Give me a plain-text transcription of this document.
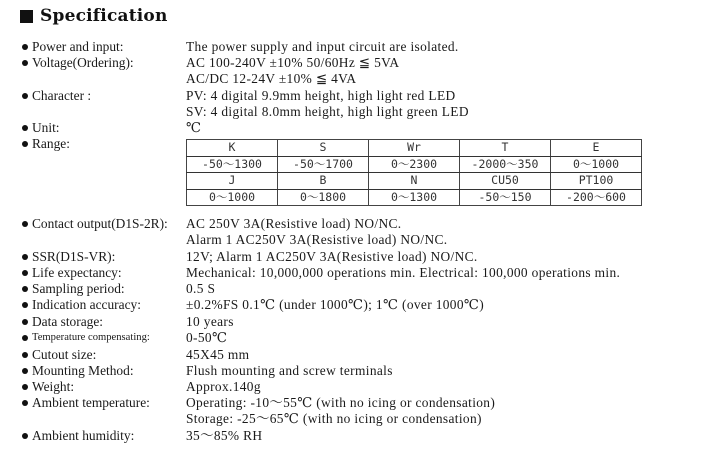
Specification
Power and input:	The power supply and input circuit are isolated.
Voltage(Ordering):	AC 100-240V ±10% 50/60Hz ≦ 5VA
AC/DC 12-24V ±10% ≦ 4VA
Character :	PV: 4 digital 9.9mm height, high light red LED
SV: 4 digital 8.0mm height, high light green LED
Unit:	℃
Range:	K	S	Wr	T	E
-50～1300	-50～1700	0～2300	-2000～350	0～1000
J	B	N	CU50	PT100
0～1000	0～1800	0～1300	-50～150	-200～600
Contact output(D1S-2R): AC 250V 3A(Resistive load) NO/NC.
Alarm 1 AC250V 3A(Resistive load) NO/NC.
SSR(D1S-VR):	12V; Alarm 1 AC250V 3A(Resistive load) NO/NC.
Life expectancy:	Mechanical: 10,000,000 operations min. Electrical: 100,000 operations min.
Sampling period:	0.5 S
Indication accuracy:	±0.2%FS 0.1℃ (under 1000℃); 1℃ (over 1000℃)
Data storage:	10 years
Temperature compensating:	0-50℃
Cutout size:	45X45 mm
Mounting Method:	Flush mounting and screw terminals
Weight:	Approx.140g
Ambient temperature:	Operating: -10～55℃ (with no icing or condensation)
Storage: -25～65℃ (with no icing or condensation)
Ambient humidity:	35～85% RH
